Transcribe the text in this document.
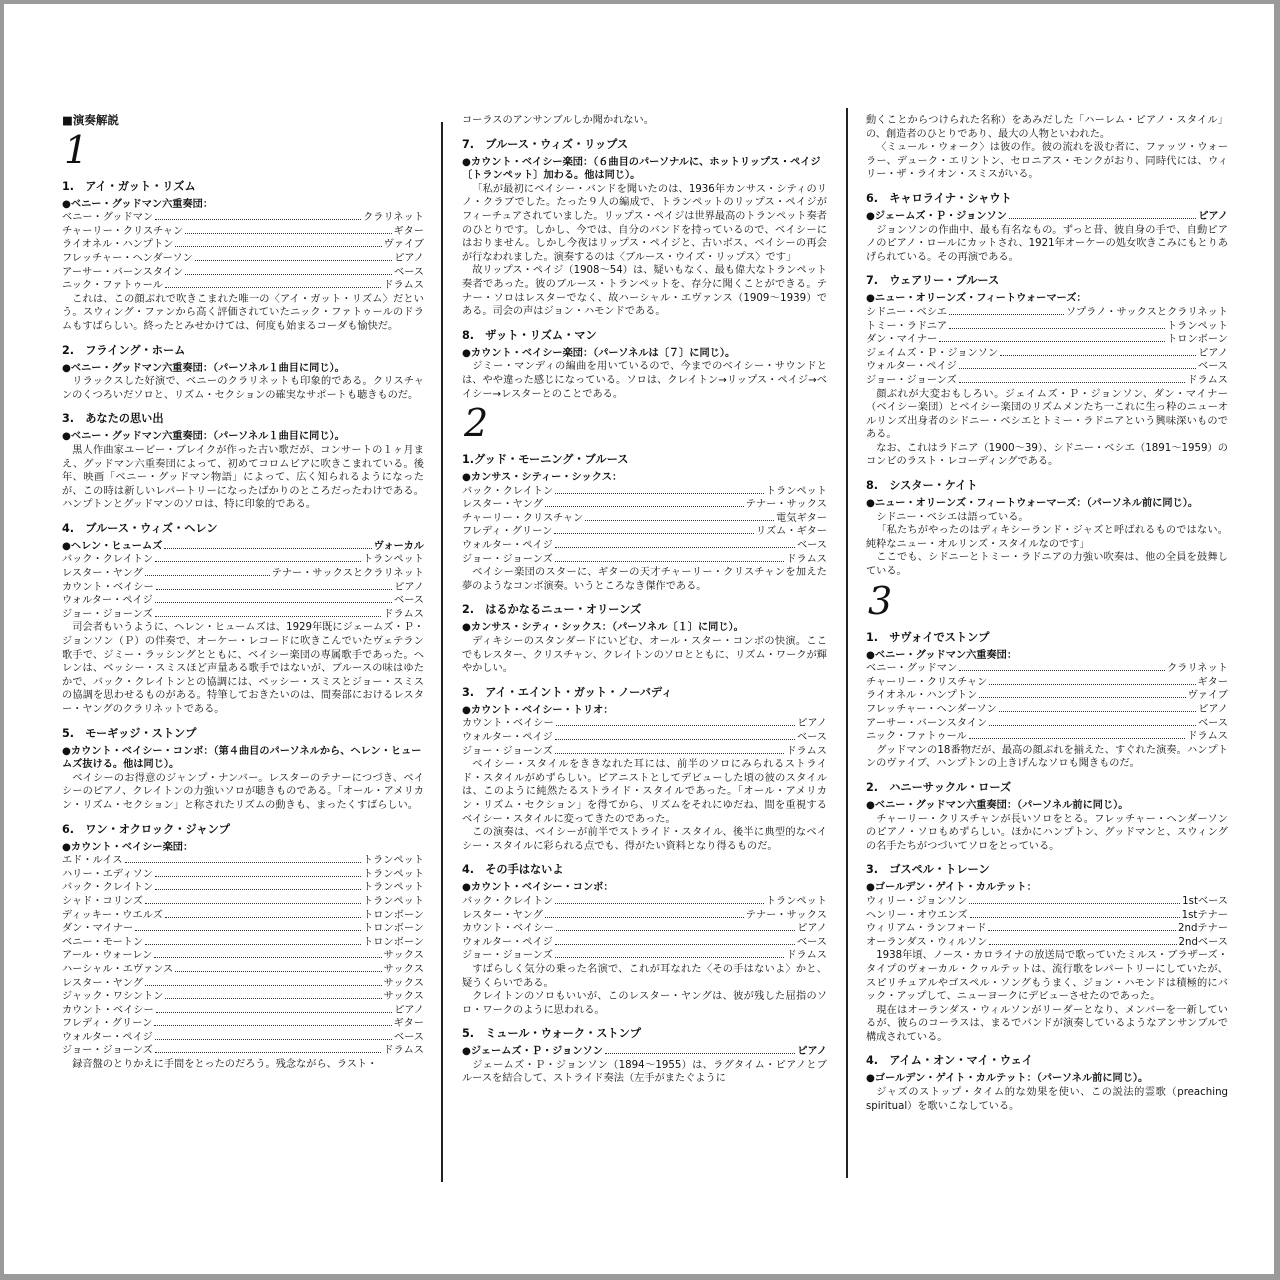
■演奏解説
1
1.　アイ・ガット・リズム
●ベニー・グッドマン六重奏団：
ベニー・グッドマン	クラリネット
チャーリー・クリスチャン	ギター
ライオネル・ハンプトン	ヴァイブ
フレッチャー・ヘンダーソン	ピアノ
アーサー・バーンスタイン	ベース
ニック・ファトゥール	ドラムス
これは、この顔ぶれで吹きこまれた唯一の〈アイ・ガット・リズム〉だという。スウィング・ファンから高く評価されていたニック・ファトゥールのドラムもすばらしい。終ったとみせかけては、何度も始まるコーダも愉快だ。
2.　フライング・ホーム
●ベニー・グッドマン六重奏団：（パーソネル１曲目に同じ）。
リラックスした好演で、ベニーのクラリネットも印象的である。クリスチャンのくつろいだソロと、リズム・セクションの確実なサポートも聴きものだ。
3.　あなたの思い出
●ベニー・グッドマン六重奏団：（パーソネル１曲目に同じ）。
黒人作曲家ユービー・ブレイクが作った古い歌だが、コンサートの１ヶ月まえ、グッドマン六重奏団によって、初めてコロムビアに吹きこまれている。後年、映画「ベニー・グッドマン物語」によって、広く知られるようになったが、この時は新しいレパートリーになったばかりのところだったわけである。ハンプトンとグッドマンのソロは、特に印象的である。
4.　ブルース・ウィズ・ヘレン
●ヘレン・ヒュームズ	ヴォーカル
バック・クレイトン	トランペット
レスター・ヤング	テナー・サックスとクラリネット
カウント・ベイシー	ピアノ
ウォルター・ペイジ	ベース
ジョー・ジョーンズ	ドラムス
司会者もいうように、ヘレン・ヒュームズは、1929年既にジェームズ・Ｐ・ジョンソン（Ｐ）の伴奏で、オーケー・レコードに吹きこんでいたヴェテラン歌手で、ジミー・ラッシングとともに、ベイシー楽団の専属歌手であった。ヘレンは、ベッシー・スミスほど声量ある歌手ではないが、ブルースの味はゆたかで、バック・クレイトンとの協調には、ベッシー・スミスとジョー・スミスの協調を思わせるものがある。特筆しておきたいのは、間奏部におけるレスター・ヤングのクラリネットである。
5.　モーギッジ・ストンプ
●カウント・ベイシー・コンボ：（第４曲目のパーソネルから、ヘレン・ヒュームズ抜ける。他は同じ）。
ベイシーのお得意のジャンプ・ナンバー。レスターのテナーにつづき、ベイシーのピアノ、クレイトンの力強いソロが聴きものである。「オール・アメリカン・リズム・セクション」と称されたリズムの動きも、まったくすばらしい。
6.　ワン・オクロック・ジャンプ
●カウント・ベイシー楽団：
エド・ルイス	トランペット
ハリー・エディソン	トランペット
バック・クレイトン	トランペット
シャド・コリンズ	トランペット
ディッキー・ウエルズ	トロンボーン
ダン・マイナー	トロンボーン
ベニー・モートン	トロンボーン
アール・ウォーレン	サックス
ハーシャル・エヴァンス	サックス
レスター・ヤング	サックス
ジャック・ワシントン	サックス
カウント・ベイシー	ピアノ
フレディ・グリーン	ギター
ウォルター・ペイジ	ベース
ジョー・ジョーンズ	ドラムス
録音盤のとりかえに手間をとったのだろう。残念ながら、ラスト・
コーラスのアンサンブルしか聞かれない。
7.　ブルース・ウィズ・リップス
●カウント・ベイシー楽団：（６曲目のパーソナルに、ホットリップス・ペイジ〔トランペット〕加わる。他は同じ）。
「私が最初にベイシー・バンドを聞いたのは、1936年カンサス・シティのリノ・クラブでした。たった９人の編成で、トランペットのリップス・ペイジがフィーチュアされていました。リップス・ペイジは世界最高のトランペット奏者のひとりです。しかし、今では、自分のバンドを持っているので、ベイシーにはおりません。しかし今夜はリップス・ペイジと、古いボス、ベイシーの再会が行なわれました。演奏するのは〈ブルース・ウイズ・リップス〉です」
故リップス・ペイジ（1908～54）は、疑いもなく、最も偉大なトランペット奏者であった。彼のブルース・トランペットを、存分に聞くことができる。テナー・ソロはレスターでなく、故ハーシャル・エヴァンス（1909～1939）である。司会の声はジョン・ハモンドである。
8.　ザット・リズム・マン
●カウント・ベイシー楽団：（パーソネルは〔７〕に同じ）。
ジミー・マンディの編曲を用いているので、今までのベイシー・サウンドとは、やや違った感じになっている。ソロは、クレイトン→リップス・ペイジ→ベイシー→レスターとのことである。
2
1.グッド・モーニング・ブルース
●カンサス・シティー・シックス：
バック・クレイトン	トランペット
レスター・ヤング	テナー・サックス
チャーリー・クリスチャン	電気ギター
フレディ・グリーン	リズム・ギター
ウォルター・ペイジ	ベース
ジョー・ジョーンズ	ドラムス
ベイシー楽団のスターに、ギターの天才チャーリー・クリスチャンを加えた夢のようなコンボ演奏。いうところなき傑作である。
2.　はるかなるニュー・オリーンズ
●カンサス・シティ・シックス：（パーソネル〔１〕に同じ）。
ディキシーのスタンダードにいどむ、オール・スター・コンボの快演。ここでもレスター、クリスチャン、クレイトンのソロとともに、リズム・ワークが輝やかしい。
3.　アイ・エイント・ガット・ノーバディ
●カウント・ベイシー・トリオ：
カウント・ベイシー	ピアノ
ウォルター・ペイジ	ベース
ジョー・ジョーンズ	ドラムス
ベイシー・スタイルをききなれた耳には、前半のソロにみられるストライド・スタイルがめずらしい。ピアニストとしてデビューした頃の彼のスタイルは、このように純然たるストライド・スタイルであった。「オール・アメリカン・リズム・セクション」を得てから、リズムをそれにゆだね、間を重視するベイシー・スタイルに変ってきたのであった。
この演奏は、ベイシーが前半でストライド・スタイル、後半に典型的なベイシー・スタイルに彩られる点でも、得がたい資料となり得るものだ。
4.　その手はないよ
●カウント・ベイシー・コンボ：
バック・クレイトン	トランペット
レスター・ヤング	テナー・サックス
カウント・ベイシー	ピアノ
ウォルター・ペイジ	ベース
ジョー・ジョーンズ	ドラムス
すばらしく気分の乗った名演で、これが耳なれた〈その手はないよ〉かと、疑うくらいである。
クレイトンのソロもいいが、このレスター・ヤングは、彼が残した屈指のソロ・ワークのように思われる。
5.　ミュール・ウォーク・ストンプ
●ジェームズ・Ｐ・ジョンソン	ピアノ
ジェームズ・Ｐ・ジョンソン（1894～1955）は、ラグタイム・ピアノとブルースを結合して、ストライド奏法（左手がまたぐように
動くことからつけられた名称）をあみだした「ハーレム・ピアノ・スタイル」の、創造者のひとりであり、最大の人物といわれた。
〈ミュール・ウォーク〉は彼の作。彼の流れを汲む者に、ファッツ・ウォーラー、デューク・エリントン、セロニアス・モンクがおり、同時代には、ウィリー・ザ・ライオン・スミスがいる。
6.　キャロライナ・シャウト
●ジェームズ・Ｐ・ジョンソン	ピアノ
ジョンソンの作曲中、最も有名なもの。ずっと昔、彼自身の手で、自動ピアノのピアノ・ロールにカットされ、1921年オーケーの処女吹きこみにもとりあげられている。その再演である。
7.　ウェアリー・ブルース
●ニュー・オリーンズ・フィートウォーマーズ：
シドニー・ベシエ	ソプラノ・サックスとクラリネット
トミー・ラドニア	トランペット
ダン・マイナー	トロンボーン
ジェイムズ・Ｐ・ジョンソン	ピアノ
ウォルター・ペイジ	ベース
ジョー・ジョーンズ	ドラムス
顔ぶれが大変おもしろい。ジェイムズ・Ｐ・ジョンソン、ダン・マイナー（ベイシー楽団）とベイシー楽団のリズムメンたち一これに生っ粋のニューオルリンズ出身者のシドニー・ベシエとトミー・ラドニアという興味深いものである。
なお、これはラドニア（1900～39）、シドニー・ベシエ（1891～1959）のコンビのラスト・レコーディングである。
8.　シスター・ケイト
●ニュー・オリーンズ・フィートウォーマーズ：（パーソネル前に同じ）。
シドニー・ベシエは語っている。
「私たちがやったのはディキシーランド・ジャズと呼ばれるものではない。純粋なニュー・オルリンズ・スタイルなのです」
ここでも、シドニーとトミー・ラドニアの力強い吹奏は、他の全員を鼓舞している。
3
1.　サヴォイでストンプ
●ベニー・グッドマン六重奏団：
ベニー・グッドマン	クラリネット
チャーリー・クリスチャン	ギター
ライオネル・ハンプトン	ヴァイブ
フレッチャー・ヘンダーソン	ピアノ
アーサー・バーンスタイン	ベース
ニック・ファトゥール	ドラムス
グッドマンの18番物だが、最高の顔ぶれを揃えた、すぐれた演奏。ハンプトンのヴァイブ、ハンプトンの上きげんなソロも聞きものだ。
2.　ハニーサックル・ローズ
●ベニー・グッドマン六重奏団：（パーソネル前に同じ）。
チャーリー・クリスチャンが長いソロをとる。フレッチャー・ヘンダーソンのピアノ・ソロもめずらしい。ほかにハンプトン、グッドマンと、スウィングの名手たちがつづいてソロをとっている。
3.　ゴスペル・トレーン
●ゴールデン・ゲイト・カルテット：
ウィリー・ジョンソン	1stベース
ヘンリー・オウエンズ	1stテナー
ウィリアム・ランフォード	2ndテナー
オーランダス・ウィルソン	2ndベース
1938年頃、ノース・カロライナの放送局で歌っていたミルス・ブラザーズ・タイプのヴォーカル・クヮルテットは、流行歌をレパートリーにしていたが、スピリチュアルやゴスペル・ソングもうまく、ジョン・ハモンドは積極的にバック・アップして、ニューヨークにデビューさせたのであった。
現在はオーランダス・ウィルソンがリーダーとなり、メンバーを一新しているが、彼らのコーラスは、まるでバンドが演奏しているようなアンサンブルで構成されている。
4.　アイム・オン・マイ・ウェイ
●ゴールデン・ゲイト・カルテット：（パーソネル前に同じ）。
ジャズのストップ・タイム的な効果を使い、この説法的霊歌（preaching spiritual）を歌いこなしている。
